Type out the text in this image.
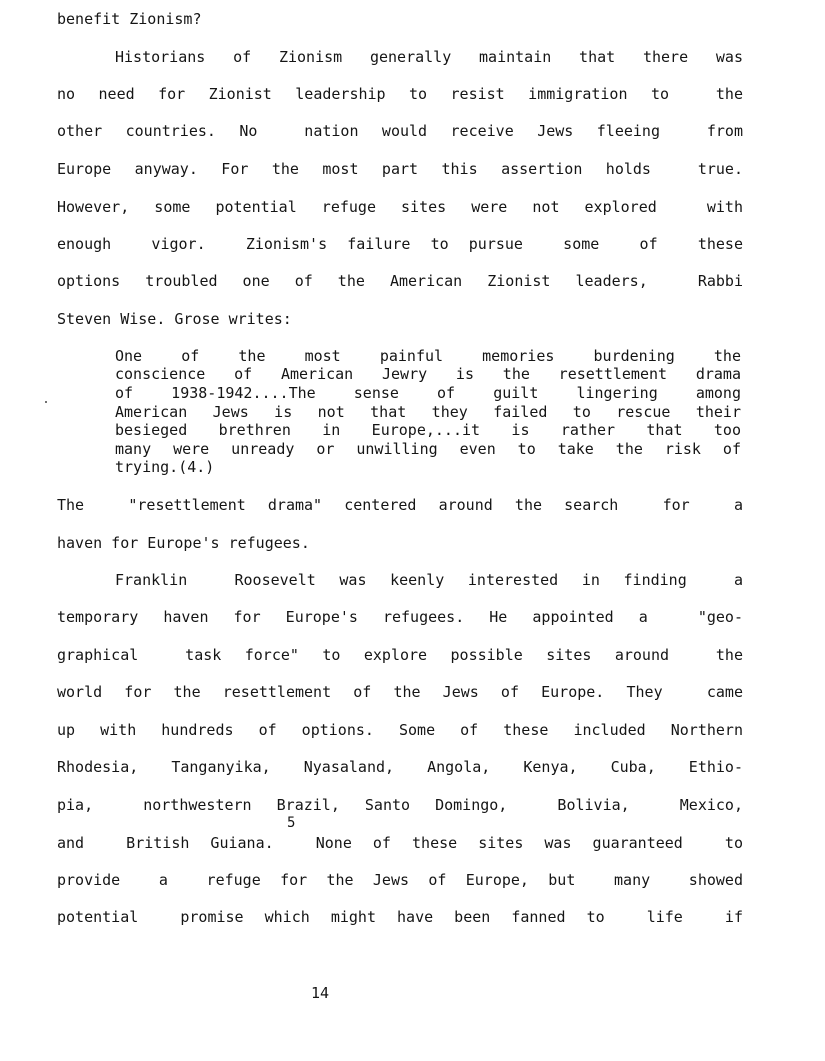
benefit Zionism?
Historians of Zionism generally maintain that there was
no need for Zionist leadership to resist immigration to  the
other countries. No  nation would receive Jews fleeing  from
Europe anyway. For the most part this assertion holds  true.
However, some potential refuge sites were not explored  with
enough  vigor.  Zionism's failure to pursue  some  of  these
options troubled one of the American Zionist leaders,  Rabbi
Steven Wise. Grose writes:
One of the most painful memories burdening the
conscience of American Jewry is the resettlement drama
of 1938-1942....The sense of guilt lingering among
American Jews is not that they failed to rescue their
besieged brethren in Europe,...it is rather that too
many were unready or unwilling even to take the risk of
trying.(4.)
The  "resettlement drama" centered around the search  for  a
haven for Europe's refugees.
Franklin  Roosevelt was keenly interested in finding  a
temporary haven for Europe's refugees. He appointed a  "geo-
graphical  task force" to explore possible sites around  the
world for the resettlement of the Jews of Europe. They  came
up with hundreds of options. Some of these included Northern
Rhodesia, Tanganyika, Nyasaland, Angola, Kenya, Cuba, Ethio-
pia,  northwestern Brazil, Santo Domingo,  Bolivia,  Mexico,
5
and  British Guiana.  None of these sites was guaranteed  to
provide  a  refuge for the Jews of Europe, but  many  showed
potential  promise which might have been fanned to  life  if
14
